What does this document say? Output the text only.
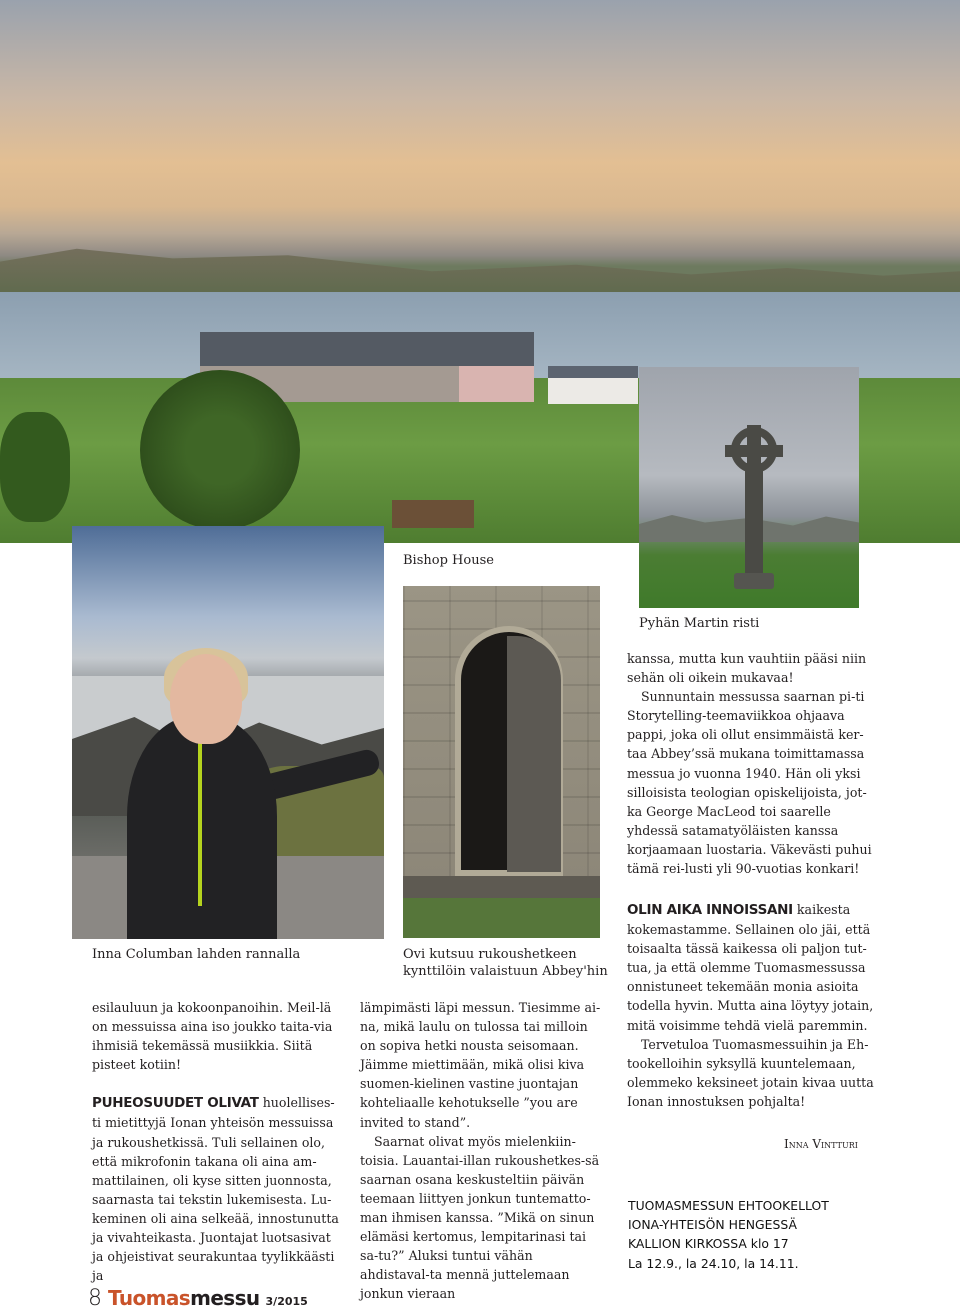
Bishop House
Pyhän Martin risti
Inna Columban lahden rannalla	Ovi kutsuu rukoushetkeen
kynttilöin valaistuun Abbey'hin

esilauluun ja kokoonpanoihin. Meil-lä on messuissa aina iso joukko taita-via ihmisiä tekemässä musiikkia. Siitä pisteet kotiin!

PUHEOSUUDET OLIVAT huolellises-ti mietittyjä Ionan yhteisön messuissa ja rukoushetkissä. Tuli sellainen olo, että mikrofonin takana oli aina am-mattilainen, oli kyse sitten juonnosta, saarnasta tai tekstin lukemisesta. Lu-keminen oli aina selkeää, innostunutta ja vivahteikasta. Juontajat luotsasivat ja ohjeistivat seurakuntaa tyylikkäästi ja

lämpimästi läpi messun. Tiesimme ai-na, mikä laulu on tulossa tai milloin on sopiva hetki nousta seisomaan. Jäimme miettimään, mikä olisi kiva suomen-kielinen vastine juontajan kohteliaalle kehotukselle ”you are invited to stand”.

Saarnat olivat myös mielenkiin-toisia. Lauantai-illan rukoushetkes-sä saarnan osana keskusteltiin päivän teemaan liittyen jonkun tuntematto-man ihmisen kanssa. ”Mikä on sinun elämäsi kertomus, lempitarinasi tai sa-tu?” Aluksi tuntui vähän ahdistaval-ta mennä juttelemaan jonkun vieraan

kanssa, mutta kun vauhtiin pääsi niin sehän oli oikein mukavaa!

Sunnuntain messussa saarnan pi-ti Storytelling-teemaviikkoa ohjaava pappi, joka oli ollut ensimmäistä ker-taa Abbey’ssä mukana toimittamassa messua jo vuonna 1940. Hän oli yksi silloisista teologian opiskelijoista, jot-ka George MacLeod toi saarelle yhdessä satamatyöläisten kanssa korjaamaan luostaria. Väkevästi puhui tämä rei-lusti yli 90-vuotias konkari!

OLIN AIKA INNOISSANI kaikesta kokemastamme. Sellainen olo jäi, että toisaalta tässä kaikessa oli paljon tut-tua, ja että olemme Tuomasmessussa onnistuneet tekemään monia asioita todella hyvin. Mutta aina löytyy jotain, mitä voisimme tehdä vielä paremmin.

Tervetuloa Tuomasmessuihin ja Eh-tookelloihin syksyllä kuuntelemaan, olemmeko keksineet jotain kivaa uutta Ionan innostuksen pohjalta!

Inna Vintturi
TUOMASMESSUN EHTOOKELLOT
IONA-YHTEISÖN HENGESSÄ
KALLION KIRKOSSA klo 17
La 12.9., la 24.10, la 14.11.
8 Tuomas messu 3/2015
